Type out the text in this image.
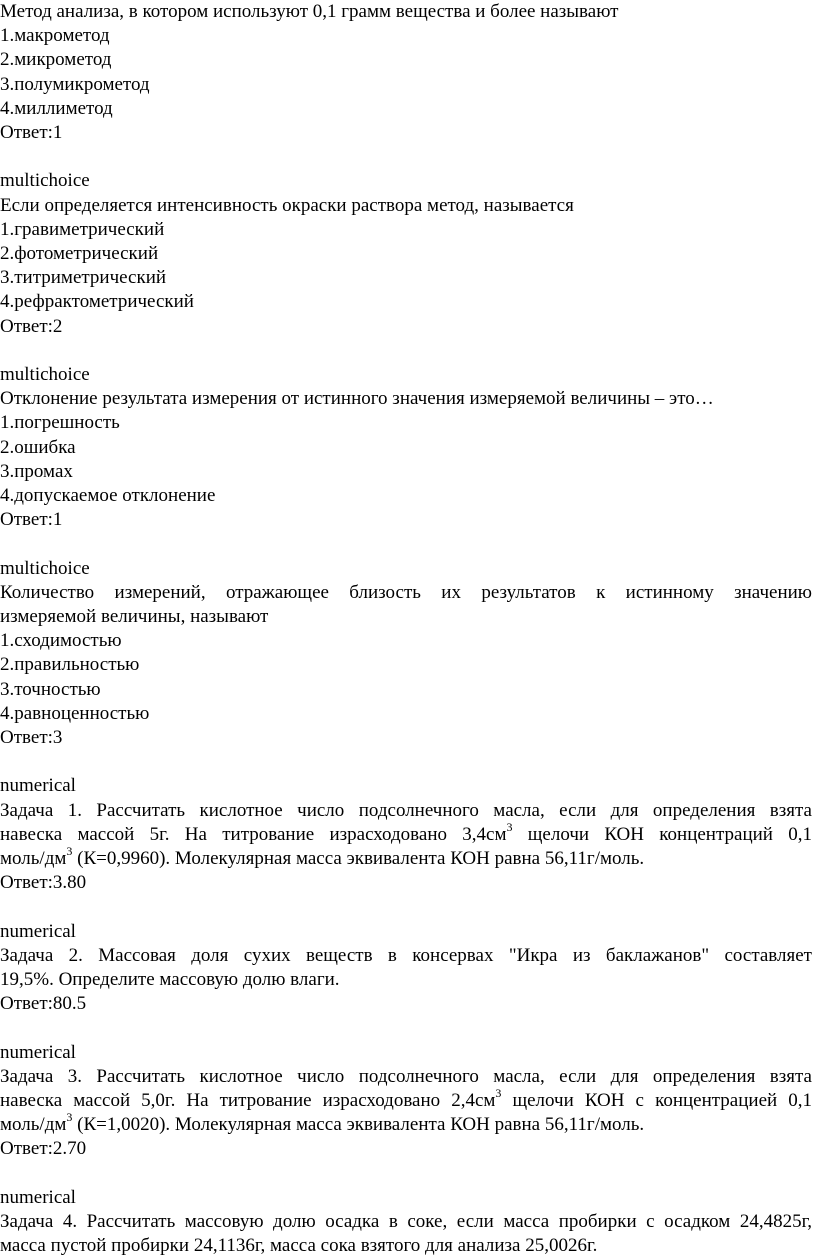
Метод анализа, в котором используют 0,1 грамм вещества и более называют
1.макрометод
2.микрометод
3.полумикрометод
4.миллиметод
Ответ:1
multichoice
Если определяется интенсивность окраски раствора метод, называется
1.гравиметрический
2.фотометрический
3.титриметрический
4.рефрактометрический
Ответ:2
multichoice
Отклонение результата измерения от истинного значения измеряемой величины – это…
1.погрешность
2.ошибка
3.промах
4.допускаемое отклонение
Ответ:1
multichoice
Количество измерений, отражающее близость их результатов к истинному значению
измеряемой величины, называют
1.сходимостью
2.правильностью
3.точностью
4.равноценностью
Ответ:3
numerical
Задача 1. Рассчитать кислотное число подсолнечного масла, если для определения взята
навеска массой 5г. На титрование израсходовано $3,4см^3$ щелочи КОН концентраций 0,1
моль/$дм^3$ (К=0,9960). Молекулярная масса эквивалента КОН равна 56,11г/моль.
Ответ:3.80
numerical
Задача 2. Массовая доля сухих веществ в консервах "Икра из баклажанов" составляет
19,5%. Определите массовую долю влаги.
Ответ:80.5
numerical
Задача 3. Рассчитать кислотное число подсолнечного масла, если для определения взята
навеска массой 5,0г. На титрование израсходовано $2,4см^3$ щелочи КОН с концентрацией 0,1
моль/$дм^3$ (К=1,0020). Молекулярная масса эквивалента КОН равна 56,11г/моль.
Ответ:2.70
numerical
Задача 4. Рассчитать массовую долю осадка в соке, если масса пробирки с осадком 24,4825г,
масса пустой пробирки 24,1136г, масса сока взятого для анализа 25,0026г.
